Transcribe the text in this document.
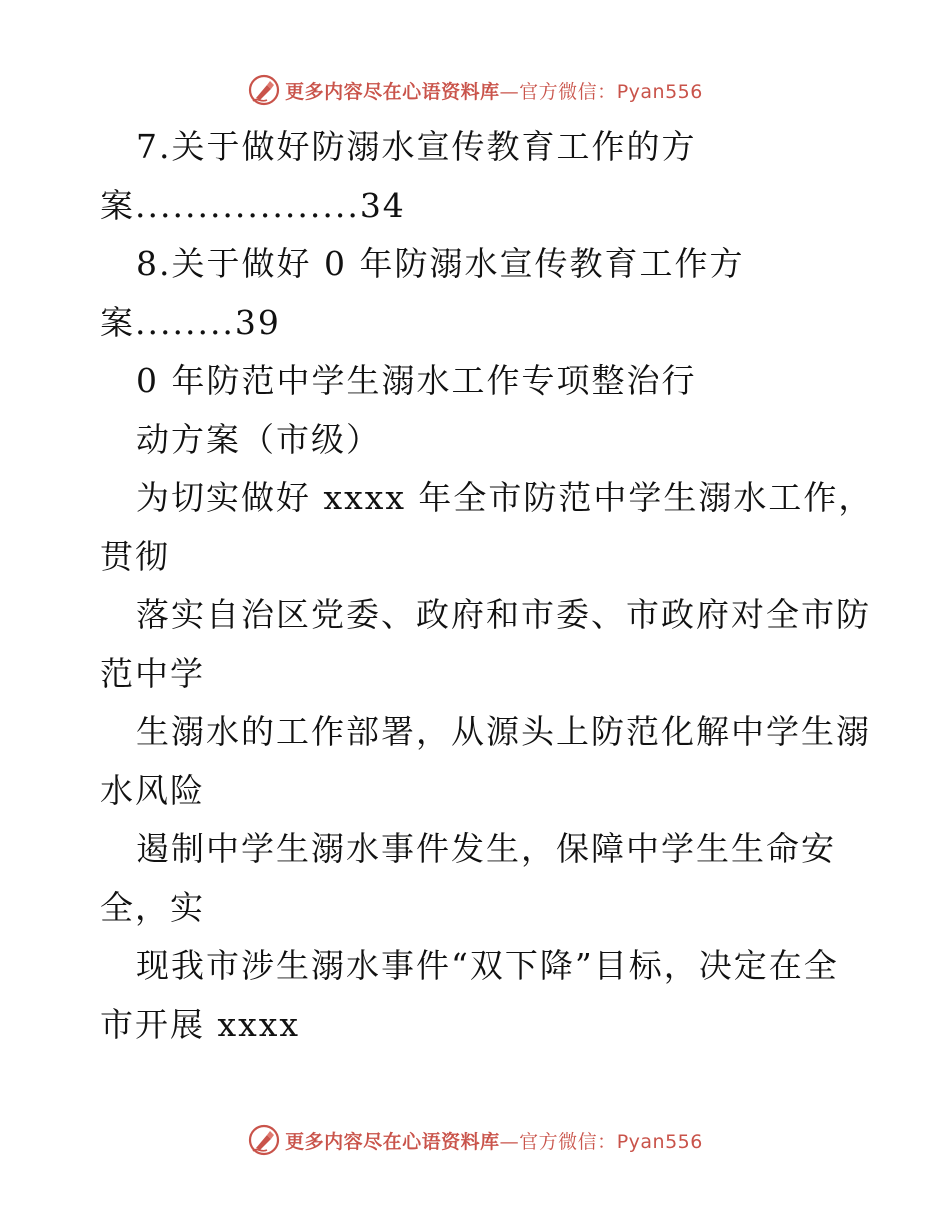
更多内容尽在心语资料库—官方微信：Pyan556
7.关于做好防溺水宣传教育工作的方
案..................34
8.关于做好 0 年防溺水宣传教育工作方
案........39
0 年防范中学生溺水工作专项整治行
动方案（市级）
为切实做好 xxxx 年全市防范中学生溺水工作，
贯彻
落实自治区党委、政府和市委、市政府对全市防
范中学
生溺水的工作部署，从源头上防范化解中学生溺
水风险
遏制中学生溺水事件发生，保障中学生生命安
全，实
现我市涉生溺水事件“双下降”目标，决定在全
市开展 xxxx
更多内容尽在心语资料库—官方微信：Pyan556
